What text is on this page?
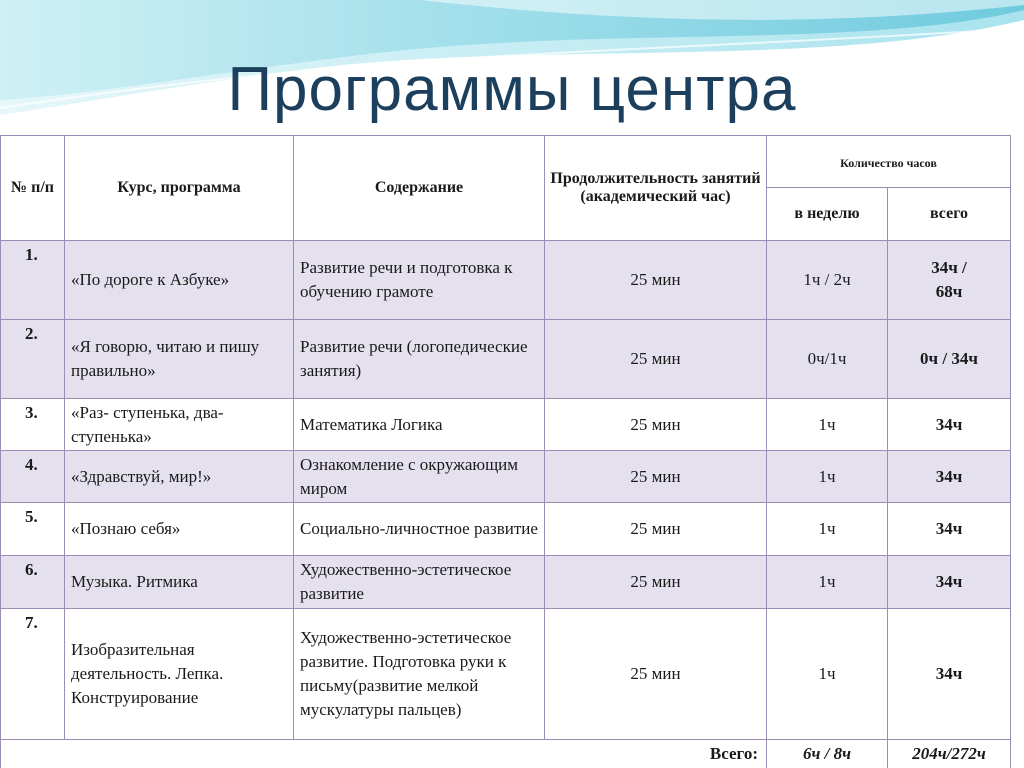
Программы центра
№ п/п	Курс, программа	Содержание	Продолжительность занятий (академический час)	Количество часов	
				в неделю	всего
1.	«По дороге к Азбуке»	Развитие речи и подготовка к обучению грамоте	25 мин	1ч / 2ч	34ч / 68ч
2.	«Я говорю, читаю и пишу правильно»	Развитие речи (логопедические занятия)	25 мин	0ч/1ч	0ч / 34ч
3.	«Раз- ступенька, два- ступенька»	Математика Логика	25 мин	1ч	34ч
4.	«Здравствуй, мир!»	Ознакомление с окружающим миром	25 мин	1ч	34ч
5.	«Познаю себя»	Социально-личностное развитие	25 мин	1ч	34ч
6.	Музыка. Ритмика	Художественно-эстетическое развитие	25 мин	1ч	34ч
7.	Изобразительная деятельность. Лепка. Конструирование	Художественно-эстетическое развитие. Подготовка руки к письму(развитие мелкой мускулатуры пальцев)	25 мин	1ч	34ч
Всего:				6ч / 8ч	204ч/272ч
